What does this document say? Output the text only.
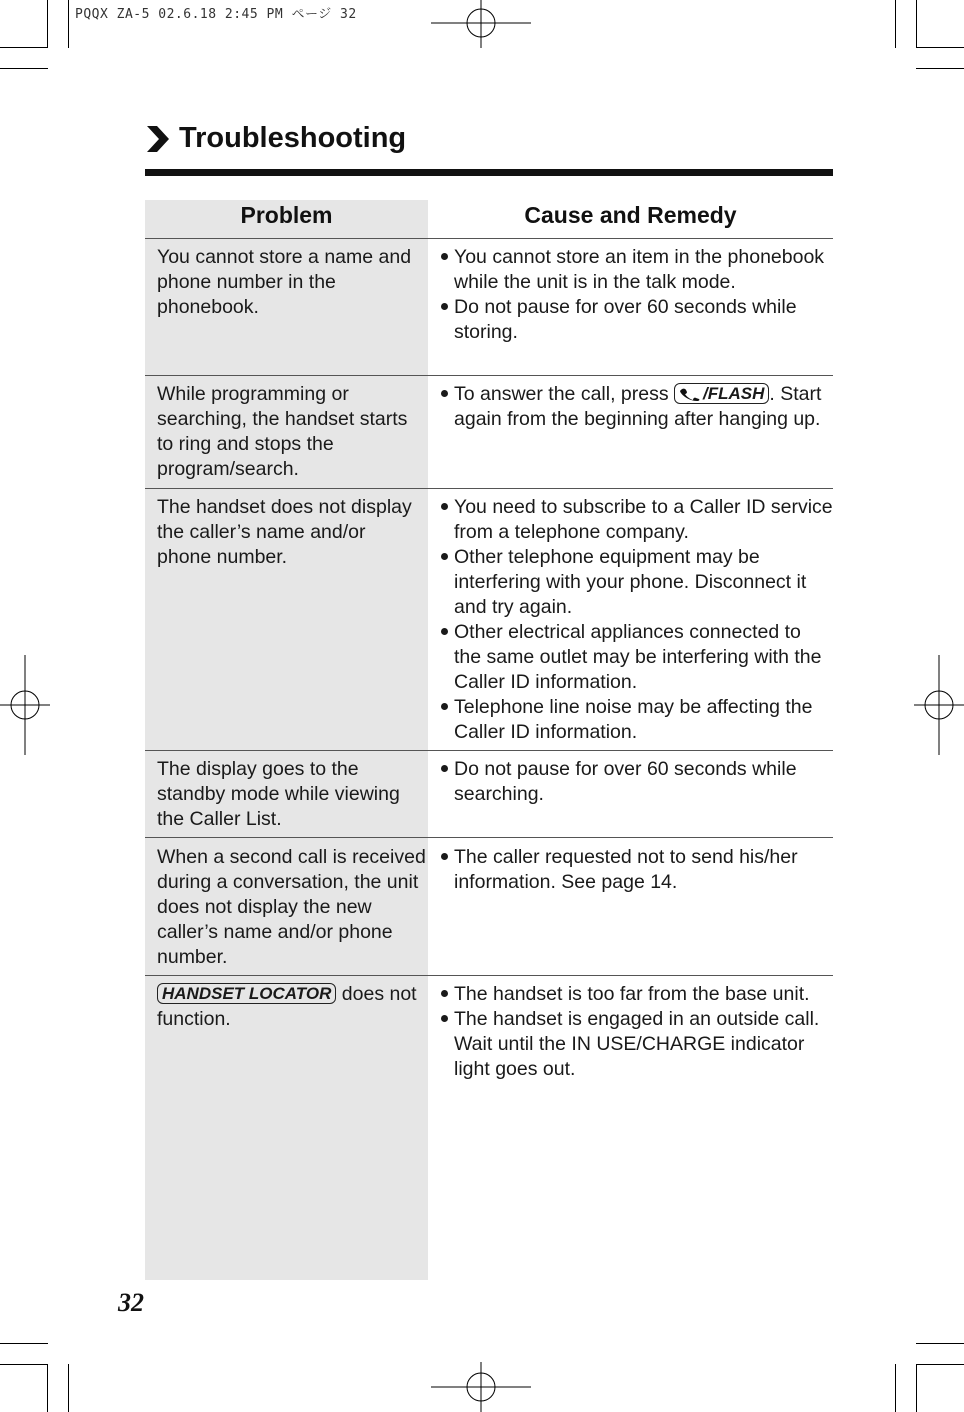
PQQX ZA-5 02.6.18 2:45 PM ページ 32
Troubleshooting
Problem	Cause and Remedy
You cannot store a name and phone number in the phonebook.
You cannot store an item in the phonebook while the unit is in the talk mode.
Do not pause for over 60 seconds while storing.
While programming or searching, the handset starts to ring and stops the program/search.
To answer the call, press /FLASH . Start again from the beginning after hanging up.
The handset does not display the caller’s name and/or phone number.
You need to subscribe to a Caller ID service from a telephone company.
Other telephone equipment may be interfering with your phone. Disconnect it and try again.
Other electrical appliances connected to the same outlet may be interfering with the Caller ID information.
Telephone line noise may be affecting the Caller ID information.
The display goes to the standby mode while viewing the Caller List.
Do not pause for over 60 seconds while searching.
When a second call is received during a conversation, the unit does not display the new caller’s name and/or phone number.
The caller requested not to send his/her information. See page 14.
HANDSET LOCATOR does not function.
The handset is too far from the base unit.
The handset is engaged in an outside call. Wait until the IN USE/CHARGE indicator light goes out.
32
